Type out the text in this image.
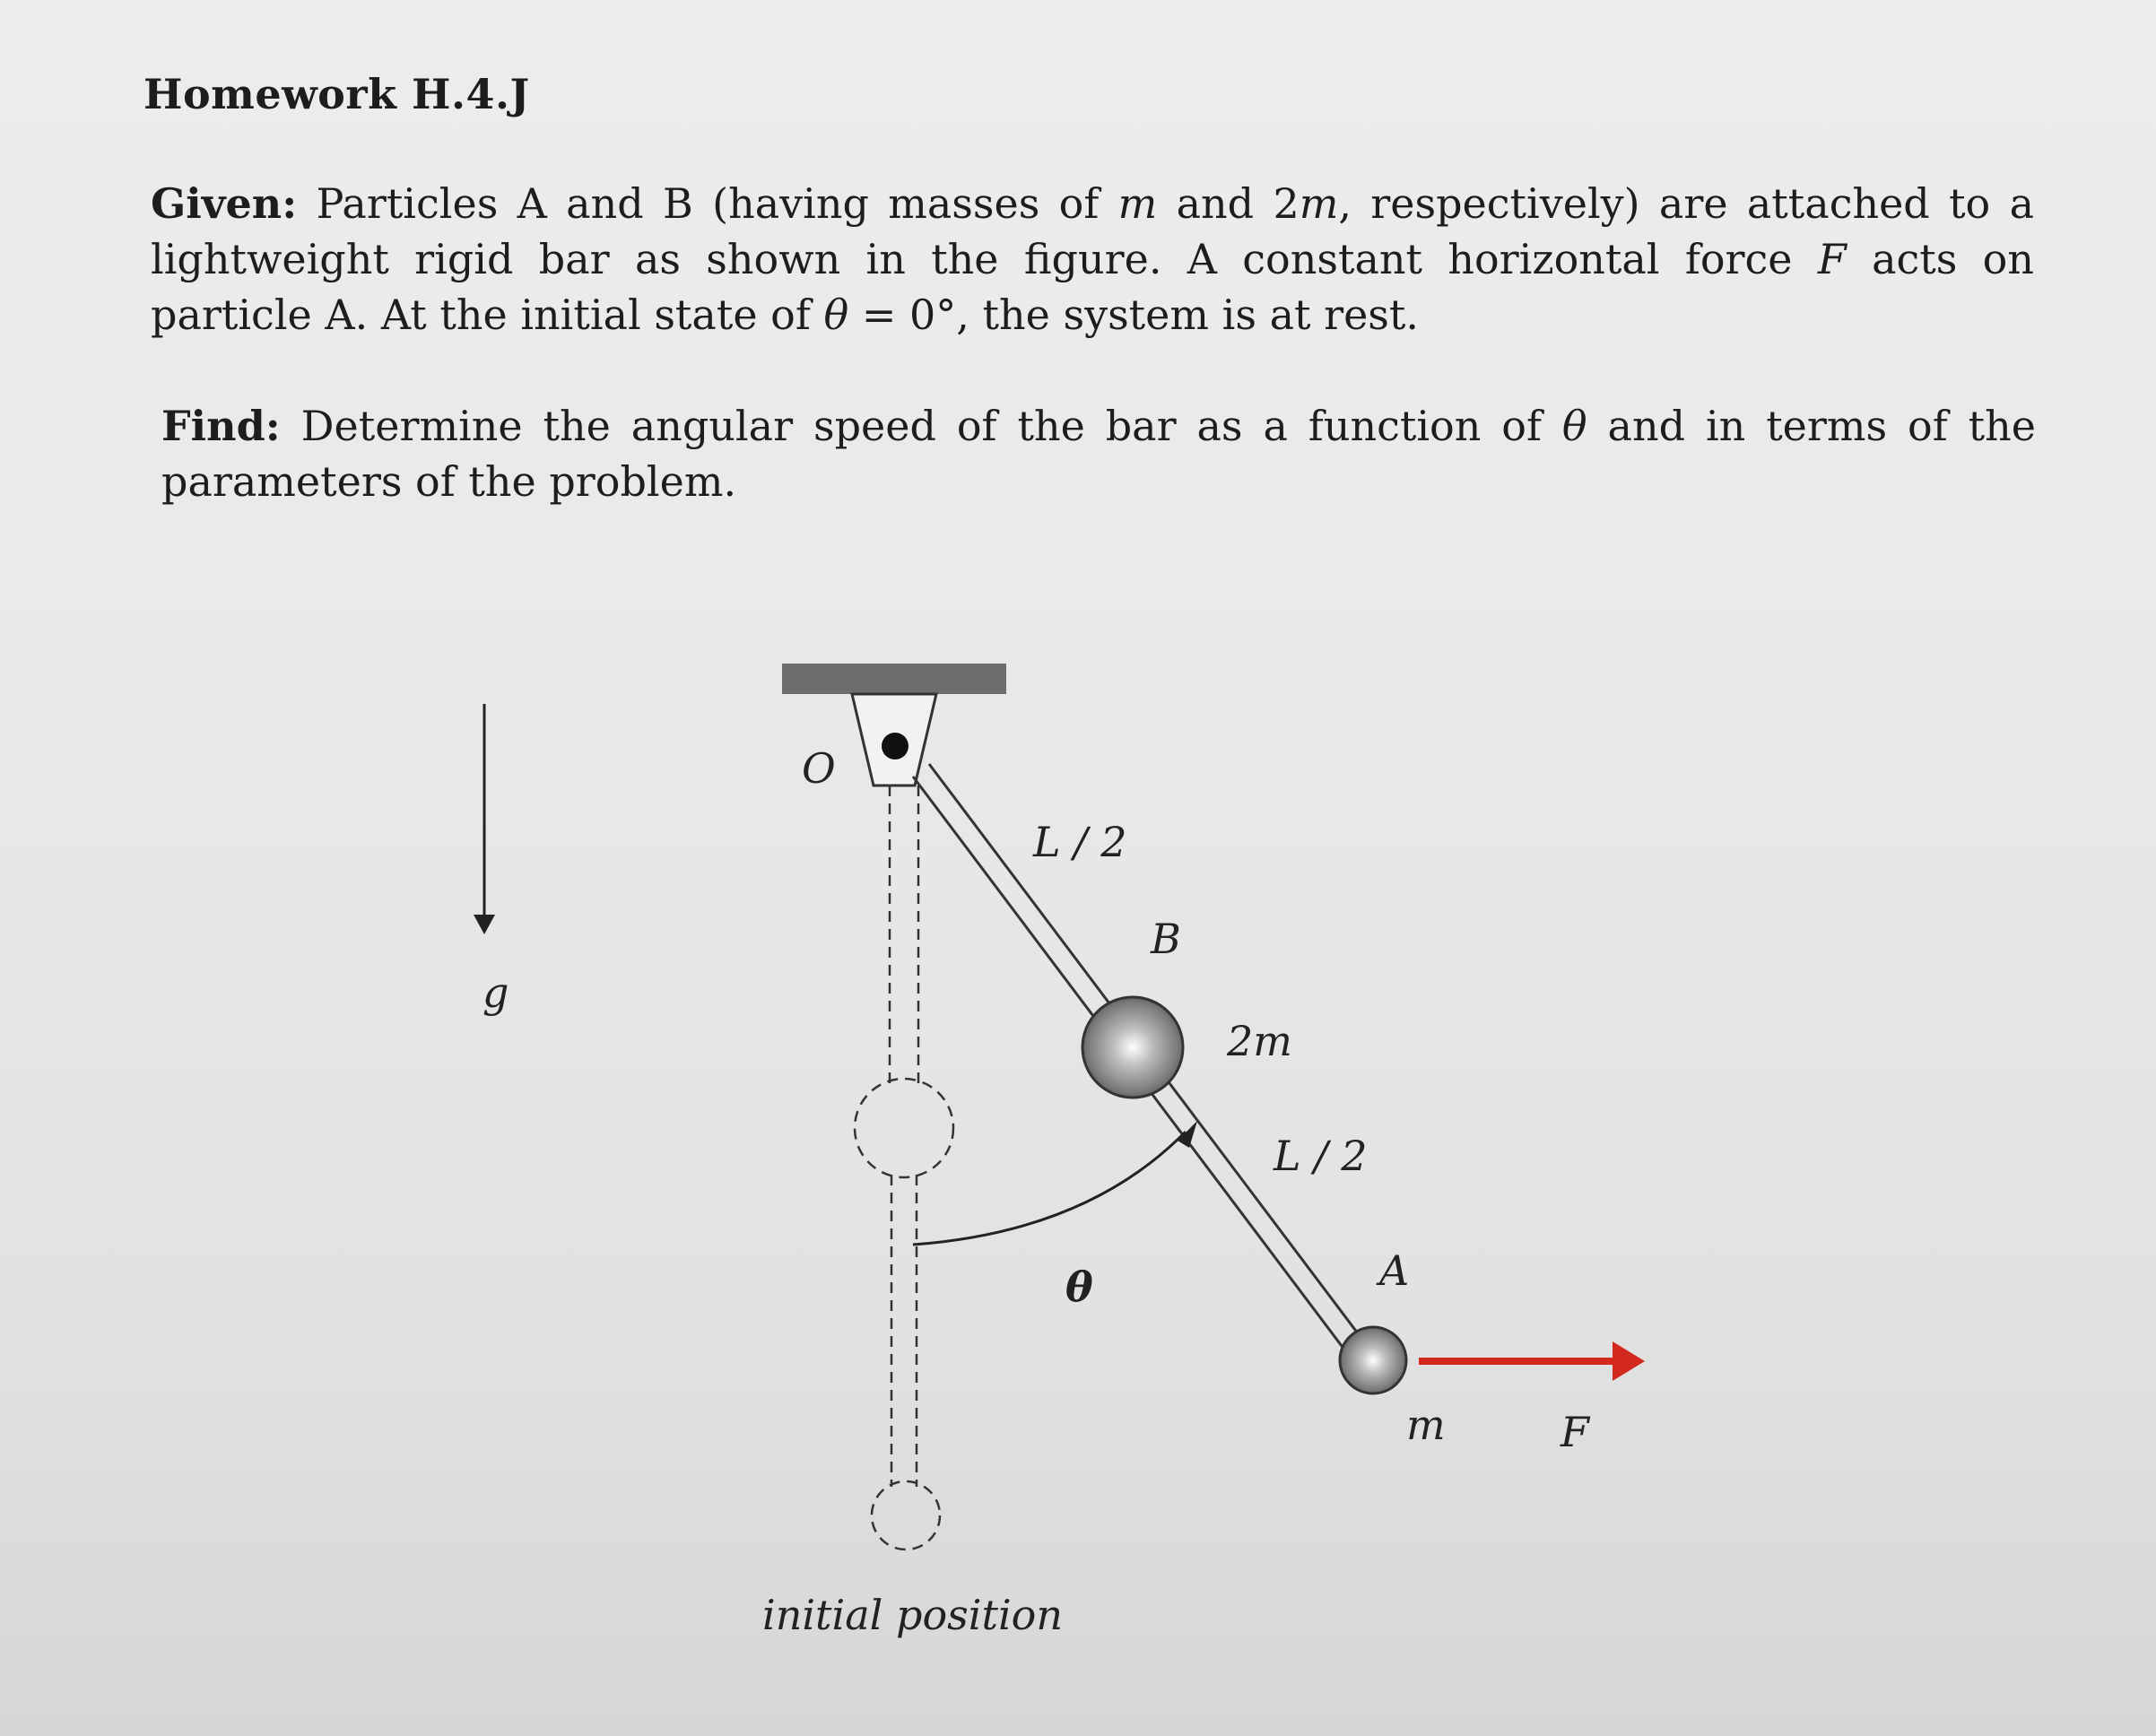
Homework H.4.J
Given: Particles A and B (having masses of m and 2m, respectively) are attached to a lightweight rigid bar as shown in the figure. A constant horizontal force F acts on particle A. At the initial state of θ = 0°, the system is at rest.
Find: Determine the angular speed of the bar as a function of θ and in terms of the parameters of the problem.
g
O
L / 2
B
2m
L / 2
θ	A
m	F
initial position
